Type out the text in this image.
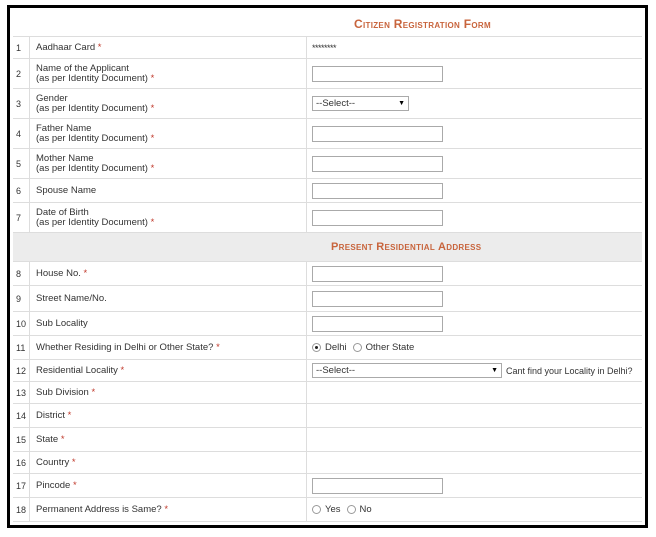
Citizen Registration Form
1	Aadhaar Card *	********
2	Name of the Applicant
(as per Identity Document) *
3	Gender
(as per Identity Document) *	--Select--	▼
4	Father Name
(as per Identity Document) *
5	Mother Name
(as per Identity Document) *
6	Spouse Name
7	Date of Birth
(as per Identity Document) *
Present Residential Address
8	House No. *
9	Street Name/No.
10	Sub Locality
11	Whether Residing in Delhi or Other State? *	Delhi Other State
12	Residential Locality *	--Select--	▼ Cant find your Locality in Delhi?
13	Sub Division *
14	District *
15	State *
16	Country *
17	Pincode *
18	Permanent Address is Same? *	Yes No
